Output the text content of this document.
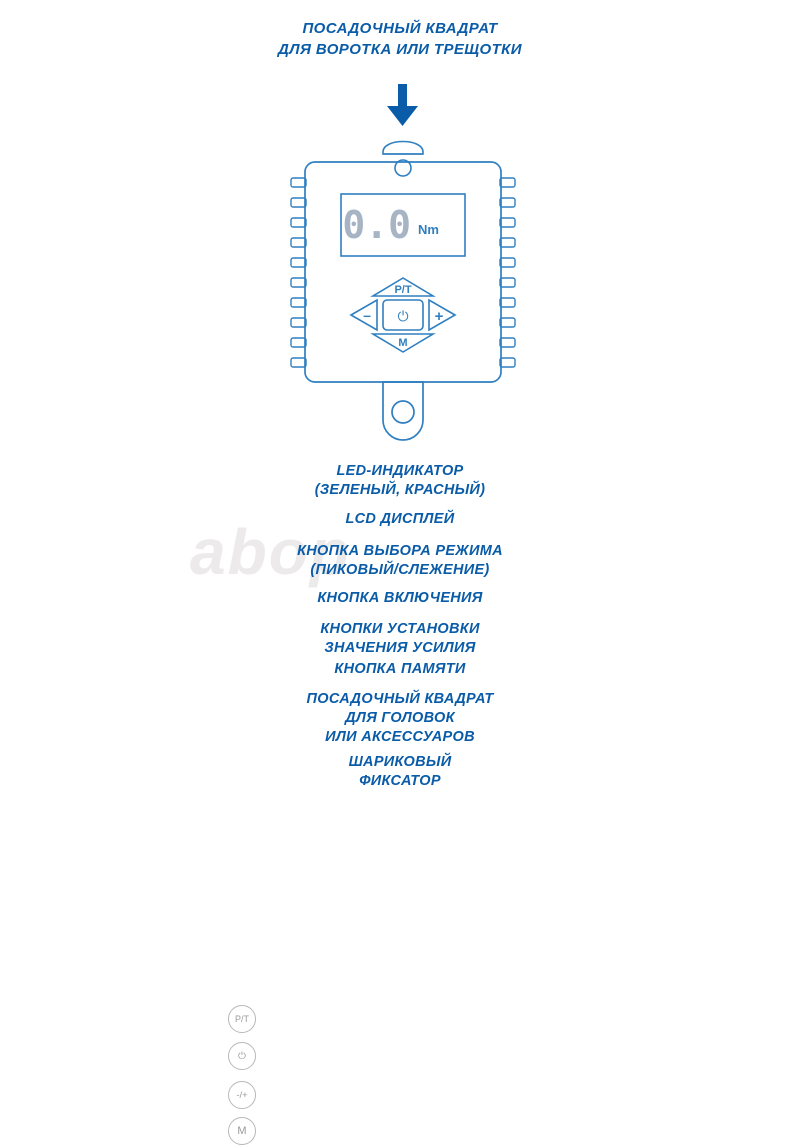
ПОСАДОЧНЫЙ КВАДРАТ
ДЛЯ ВОРОТКА ИЛИ ТРЕЩОТКИ
abop
0.0 Nm
P/T
–	+
⏻
M
LED-ИНДИКАТОР
(ЗЕЛЕНЫЙ, КРАСНЫЙ)
LCD ДИСПЛЕЙ
P/T
КНОПКА ВЫБОРА РЕЖИМА
(ПИКОВЫЙ/СЛЕЖЕНИЕ)
⏻
КНОПКА ВКЛЮЧЕНИЯ
-/+
КНОПКИ УСТАНОВКИ
ЗНАЧЕНИЯ УСИЛИЯ
M
КНОПКА ПАМЯТИ
ПОСАДОЧНЫЙ КВАДРАТ
ДЛЯ ГОЛОВОК
ИЛИ АКСЕССУАРОВ
ШАРИКОВЫЙ
ФИКСАТОР
